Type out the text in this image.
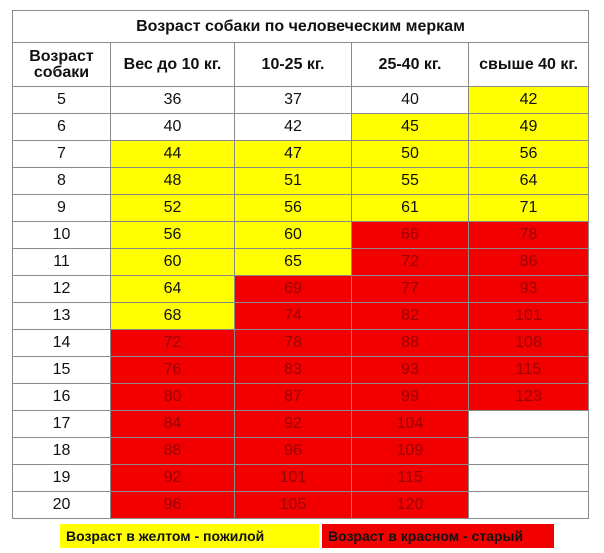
Возраст собаки по человеческим меркам				
Возраст собаки	Вес до 10 кг.	10-25 кг.	25-40 кг.	свыше 40 кг.
5	36	37	40	42
6	40	42	45	49
7	44	47	50	56
8	48	51	55	64
9	52	56	61	71
10	56	60	66	78
11	60	65	72	86
12	64	69	77	93
13	68	74	82	101
14	72	78	88	108
15	76	83	93	115
16	80	87	99	123
17	84	92	104	
18	88	96	109	
19	92	101	115	
20	96	105	120	
Возраст в желтом - пожилой	Возраст в красном - старый
